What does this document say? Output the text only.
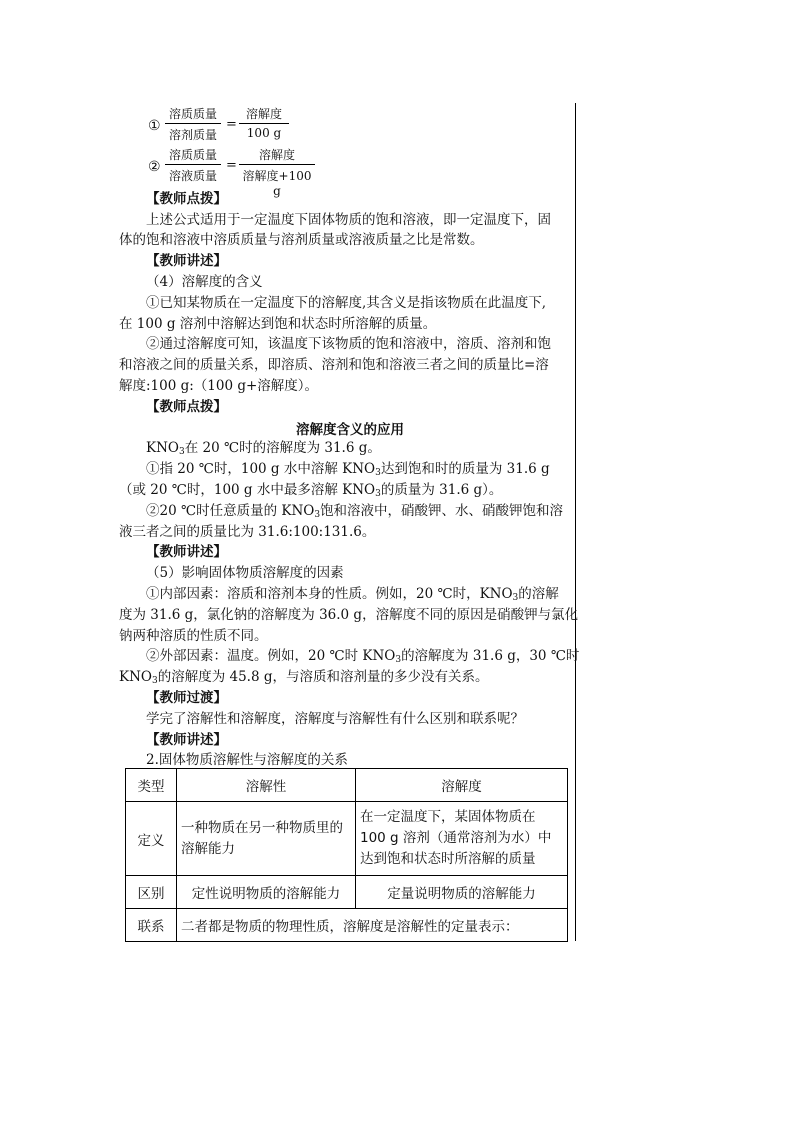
①
溶质质量
溶剂质量
=
溶解度
100 g
②
溶质质量
溶液质量
=
溶解度
溶解度+100 g
【教师点拨】
上述公式适用于一定温度下固体物质的饱和溶液，即一定温度下，固
体的饱和溶液中溶质质量与溶剂质量或溶液质量之比是常数。
【教师讲述】
（4）溶解度的含义
①已知某物质在一定温度下的溶解度,其含义是指该物质在此温度下,
在 100 g 溶剂中溶解达到饱和状态时所溶解的质量。
②通过溶解度可知，该温度下该物质的饱和溶液中，溶质、溶剂和饱
和溶液之间的质量关系，即溶质、溶剂和饱和溶液三者之间的质量比=溶
解度:100 g:（100 g+溶解度）。
【教师点拨】
溶解度含义的应用
$KNO_3$在 20 ℃时的溶解度为 31.6 g。
①指 20 ℃时，100 g 水中溶解 $KNO_3$达到饱和时的质量为 31.6 g
（或 20 ℃时，100 g 水中最多溶解 $KNO_3$的质量为 31.6 g）。
②20 ℃时任意质量的 $KNO_3$饱和溶液中，硝酸钾、水、硝酸钾饱和溶
液三者之间的质量比为 31.6:100:131.6。
【教师讲述】
（5）影响固体物质溶解度的因素
①内部因素：溶质和溶剂本身的性质。例如，20 ℃时，$KNO_3$的溶解
度为 31.6 g，氯化钠的溶解度为 36.0 g，溶解度不同的原因是硝酸钾与氯化
钠两种溶质的性质不同。
②外部因素：温度。例如，20 ℃时 $KNO_3$的溶解度为 31.6 g，30 ℃时
$KNO_3$的溶解度为 45.8 g，与溶质和溶剂量的多少没有关系。
【教师过渡】
学完了溶解性和溶解度，溶解度与溶解性有什么区别和联系呢？
【教师讲述】
2.固体物质溶解性与溶解度的关系
类型	溶解性	溶解度
定义	一种物质在另一种物质里的溶解能力	在一定温度下，某固体物质在 100 g 溶剂（通常溶剂为水）中达到饱和状态时所溶解的质量
区别	定性说明物质的溶解能力	定量说明物质的溶解能力
联系	二者都是物质的物理性质，溶解度是溶解性的定量表示：	
